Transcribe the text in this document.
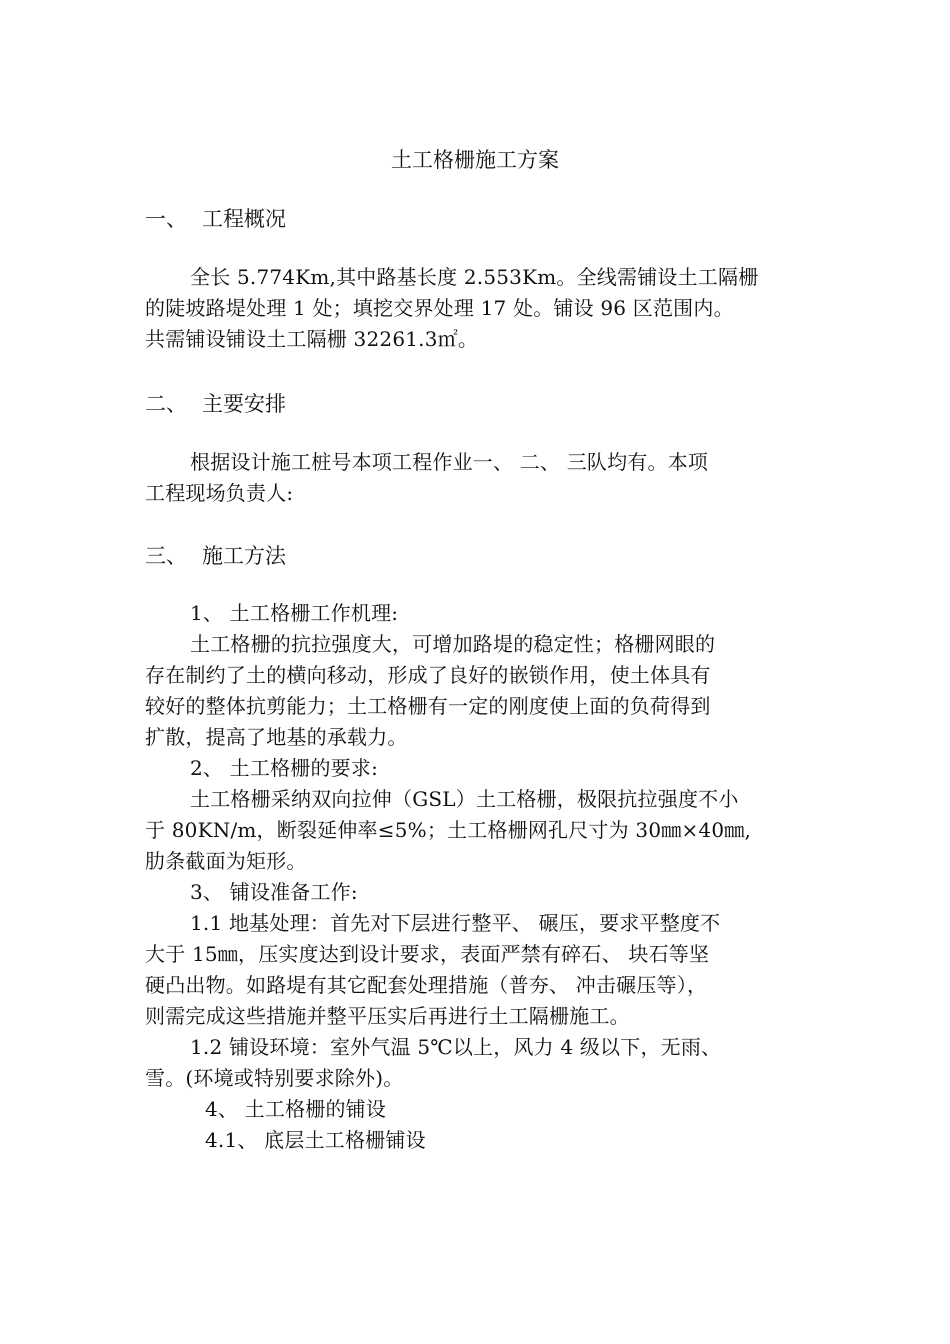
土工格栅施工方案
一、 工程概况
全长 5.774Km,其中路基长度 2.553Km。全线需铺设土工隔栅
的陡坡路堤处理 1 处；填挖交界处理 17 处。铺设 96 区范围内。
共需铺设铺设土工隔栅 32261.3㎡。
二、 主要安排
根据设计施工桩号本项工程作业一、 二、 三队均有。本项
工程现场负责人:
三、 施工方法
1、 土工格栅工作机理:
土工格栅的抗拉强度大，可增加路堤的稳定性；格栅网眼的
存在制约了土的横向移动，形成了良好的嵌锁作用，使土体具有
较好的整体抗剪能力；土工格栅有一定的刚度使上面的负荷得到
扩散，提高了地基的承载力。
2、 土工格栅的要求:
土工格栅采纳双向拉伸（GSL）土工格栅，极限抗拉强度不小
于 80KN/m，断裂延伸率≤5%；土工格栅网孔尺寸为 30㎜×40㎜,
肋条截面为矩形。
3、 铺设准备工作:
1.1 地基处理：首先对下层进行整平、 碾压，要求平整度不
大于 15㎜，压实度达到设计要求，表面严禁有碎石、 块石等坚
硬凸出物。如路堤有其它配套处理措施（普夯、 冲击碾压等），
则需完成这些措施并整平压实后再进行土工隔栅施工。
1.2 铺设环境：室外气温 5℃以上，风力 4 级以下，无雨、
雪。(环境或特别要求除外)。
4、 土工格栅的铺设
4.1、 底层土工格栅铺设
